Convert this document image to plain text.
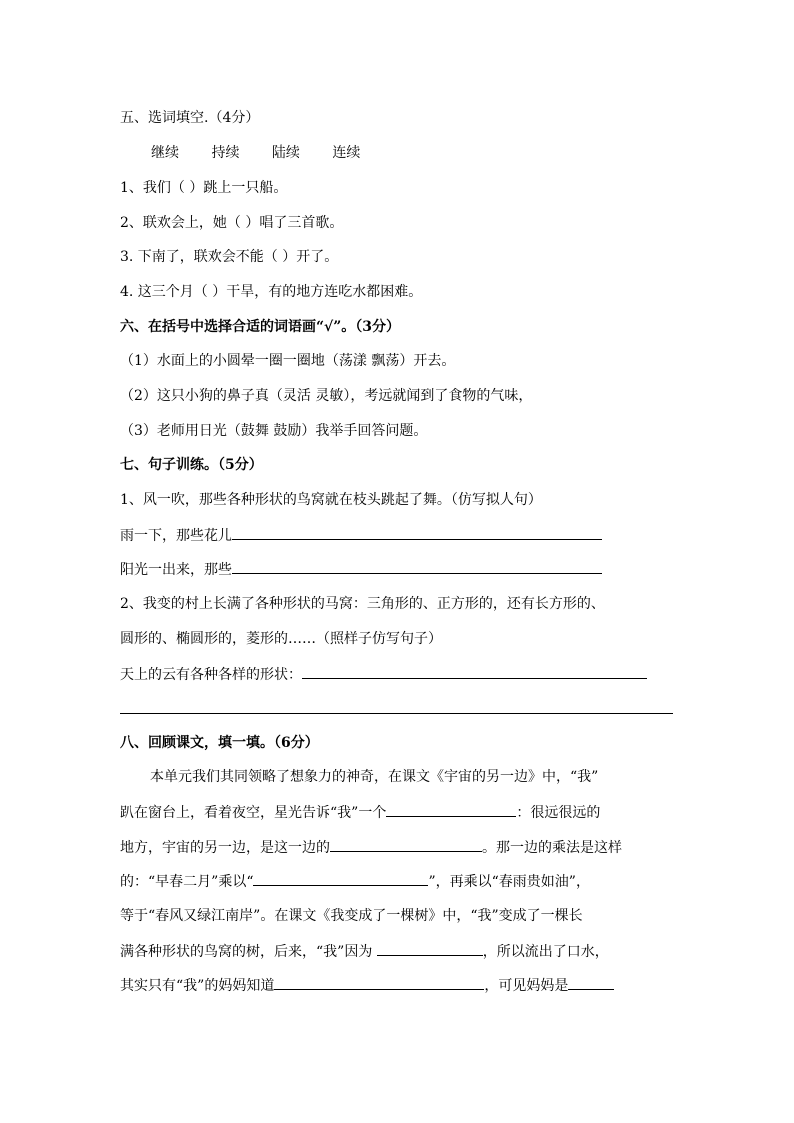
五、选词填空.（4分）
继续 持续 陆续 连续
1、我们（ ）跳上一只船。
2、联欢会上，她（ ）唱了三首歌。
3. 下南了，联欢会不能（ ）开了。
4. 这三个月（ ）干旱，有的地方连吃水都困难。
六、在括号中选择合适的词语画“√”。（3分）
（1）水面上的小圆晕一圈一圈地（荡漾 飘荡）开去。
（2）这只小狗的鼻子真（灵活 灵敏），考远就闻到了食物的气味，
（3）老师用日光（鼓舞 鼓励）我举手回答问题。
七、句子训练。（5分）
1、风一吹，那些各种形状的鸟窝就在枝头跳起了舞。（仿写拟人句）
雨一下，那些花儿
阳光一出来，那些
2、我变的村上长满了各种形状的马窝：三角形的、正方形的，还有长方形的、
圆形的、椭圆形的，菱形的……（照样子仿写句子）
天上的云有各种各样的形状：
八、回顾课文，填一填。（6分）
本单元我们其同领略了想象力的神奇，在课文《宇宙的另一边》中，“我”
趴在窗台上，看着夜空，星光告诉“我”一个	：很远很远的
地方，宇宙的另一边，是这一边的	。那一边的乘法是这样
的：“早春二月”乘以“	”，再乘以“春雨贵如油”，
等于“春风又绿江南岸”。在课文《我变成了一棵树》中，“我”变成了一棵长
满各种形状的鸟窝的树，后来，“我”因为	，所以流出了口水，
其实只有“我”的妈妈知道	，可见妈妈是
